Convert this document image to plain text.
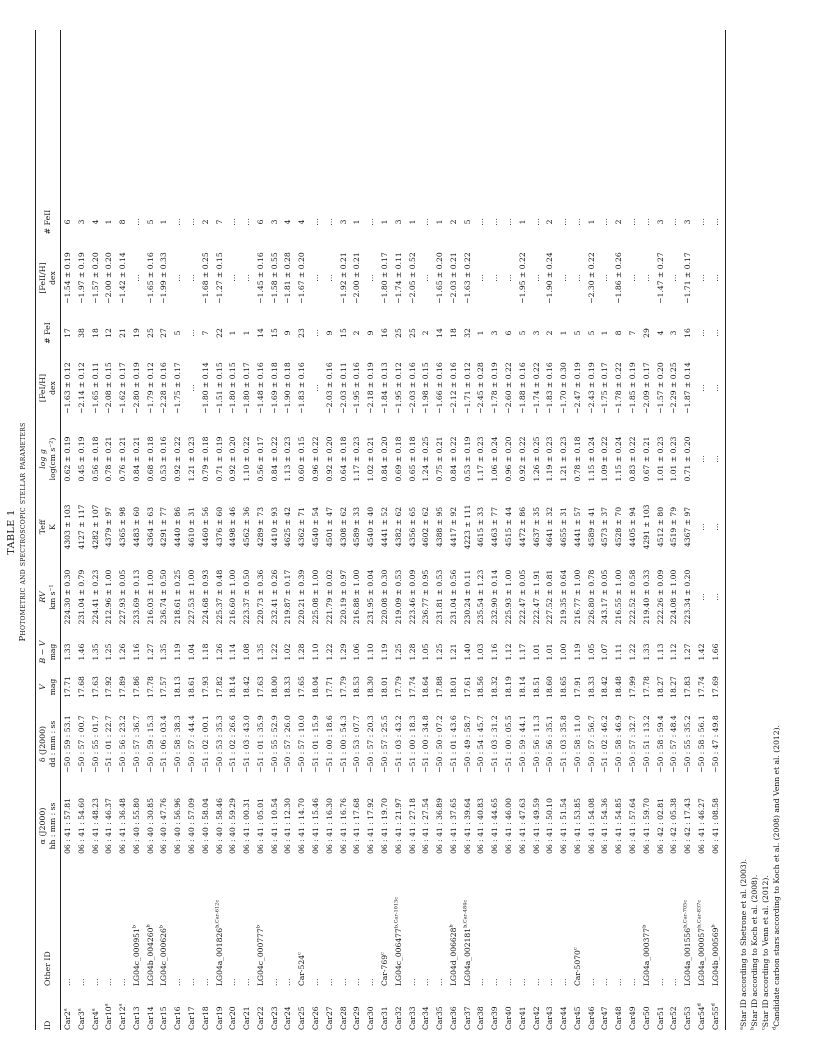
TABLE 1 Photometric and spectroscopic stellar parameters
ID
Other ID
α (J2000) hh : mm : ss
δ (J2000) dd : mm : ss
V mag
B − V mag
RV km s⁻¹
Teff K
log g log(cm s⁻²)
[FeI/H] dex
# FeI
[FeII/H] dex
# FeII
Car2$^a$
…
06 : 41 : 57.81
−50 : 59 : 53.1
17.71
1.33
224.30 ± 0.30
4303 ± 103
0.62 ± 0.19
−1.63 ± 0.12
17
−1.54 ± 0.19
6
Car3$^a$
…
06 : 41 : 54.60
−50 : 57 : 00.7
17.68
1.46
231.04 ± 0.79
4127 ± 117
0.45 ± 0.19
−2.14 ± 0.12
38
−1.97 ± 0.19
3
Car4$^a$
…
06 : 41 : 48.23
−50 : 55 : 01.7
17.63
1.35
224.41 ± 0.23
4282 ± 107
0.56 ± 0.18
−1.65 ± 0.11
18
−1.57 ± 0.20
4
Car10$^a$
…
06 : 41 : 46.37
−51 : 01 : 22.7
17.92
1.25
212.96 ± 1.00
4379 ± 97
0.78 ± 0.21
−2.08 ± 0.15
12
−2.00 ± 0.20
1
Car12$^a$
…
06 : 41 : 36.48
−50 : 56 : 23.2
17.89
1.26
227.93 ± 0.05
4365 ± 98
0.76 ± 0.21
−1.62 ± 0.17
21
−1.42 ± 0.14
8
Car13
LG04c_000951$^b$
06 : 40 : 55.80
−50 : 57 : 36.7
17.86
1.16
233.69 ± 0.13
4483 ± 60
0.84 ± 0.21
−2.80 ± 0.19
19
…
…
Car14
LG04b_004260$^b$
06 : 40 : 30.85
−50 : 59 : 15.3
17.78
1.27
216.03 ± 1.00
4364 ± 63
0.68 ± 0.18
−1.79 ± 0.12
25
−1.65 ± 0.16
5
Car15
LG04c_000626$^b$
06 : 40 : 47.76
−51 : 06 : 03.4
17.57
1.35
236.74 ± 0.50
4291 ± 77
0.53 ± 0.16
−2.28 ± 0.16
27
−1.99 ± 0.33
1
Car16
…
06 : 40 : 56.96
−50 : 58 : 38.3
18.13
1.19
218.61 ± 0.25
4440 ± 86
0.92 ± 0.22
−1.75 ± 0.17
5
…
…
Car17
…
06 : 40 : 57.09
−50 : 57 : 44.4
18.61
1.04
227.53 ± 1.00
4610 ± 31
1.21 ± 0.23
…
…
…
…
Car18
…
06 : 40 : 58.04
−51 : 02 : 00.1
17.93
1.18
224.68 ± 0.93
4460 ± 56
0.79 ± 0.18
−1.80 ± 0.14
7
−1.68 ± 0.25
2
Car19
$LG04a\_001826^{b,Car-612c}$
06 : 40 : 58.46
−50 : 53 : 35.3
17.82
1.26
225.37 ± 0.48
4376 ± 60
0.71 ± 0.19
−1.51 ± 0.15
22
−1.27 ± 0.15
7
Car20
…
06 : 40 : 59.29
−51 : 02 : 26.6
18.14
1.14
216.60 ± 1.00
4498 ± 46
0.92 ± 0.20
−1.80 ± 0.15
1
…
…
Car21
…
06 : 41 : 00.31
−51 : 03 : 43.0
18.42
1.08
223.37 ± 0.50
4562 ± 36
1.10 ± 0.22
−1.80 ± 0.17
1
…
…
Car22
LG04c_000777$^b$
06 : 41 : 05.01
−51 : 01 : 35.9
17.63
1.35
220.73 ± 0.36
4289 ± 73
0.56 ± 0.17
−1.48 ± 0.16
14
−1.45 ± 0.16
6
Car23
…
06 : 41 : 10.54
−50 : 55 : 52.9
18.00
1.22
232.41 ± 0.26
4410 ± 93
0.84 ± 0.22
−1.69 ± 0.18
15
−1.58 ± 0.55
3
Car24
…
06 : 41 : 12.30
−50 : 57 : 26.0
18.33
1.02
219.87 ± 0.17
4625 ± 42
1.13 ± 0.23
−1.90 ± 0.18
9
−1.81 ± 0.28
4
Car25
Car-524$^c$
06 : 41 : 14.70
−50 : 57 : 10.0
17.65
1.28
220.21 ± 0.39
4362 ± 71
0.60 ± 0.15
−1.83 ± 0.16
23
−1.67 ± 0.20
4
Car26
…
06 : 41 : 15.46
−51 : 01 : 15.9
18.04
1.10
225.08 ± 1.00
4540 ± 54
0.96 ± 0.22
…
…
…
…
Car27
…
06 : 41 : 16.30
−51 : 00 : 18.6
17.71
1.22
221.79 ± 0.02
4501 ± 47
0.92 ± 0.20
−2.03 ± 0.16
9
…
…
Car28
…
06 : 41 : 16.76
−51 : 00 : 54.3
17.79
1.29
220.19 ± 0.97
4308 ± 62
0.64 ± 0.18
−2.03 ± 0.11
15
−1.92 ± 0.21
3
Car29
…
06 : 41 : 17.68
−50 : 53 : 07.7
18.53
1.06
216.88 ± 1.00
4589 ± 33
1.17 ± 0.23
−1.95 ± 0.16
2
−2.00 ± 0.21
1
Car30
…
06 : 41 : 17.92
−50 : 57 : 20.3
18.30
1.10
231.95 ± 0.04
4540 ± 40
1.02 ± 0.21
−2.18 ± 0.19
9
…
…
Car31
Car-769$^c$
06 : 41 : 19.70
−50 : 57 : 25.5
18.01
1.19
220.08 ± 0.30
4441 ± 52
0.84 ± 0.20
−1.84 ± 0.13
16
−1.80 ± 0.17
1
Car32
$LG04c\_006477^{b,Car-1013c}$
06 : 41 : 21.97
−51 : 03 : 43.2
17.79
1.25
219.09 ± 0.53
4382 ± 62
0.69 ± 0.18
−1.95 ± 0.12
25
−1.74 ± 0.11
3
Car33
…
06 : 41 : 27.18
−51 : 00 : 18.3
17.74
1.28
223.46 ± 0.09
4356 ± 65
0.65 ± 0.18
−2.03 ± 0.16
25
−2.05 ± 0.52
1
Car34
…
06 : 41 : 27.54
−51 : 00 : 34.8
18.64
1.05
236.77 ± 0.95
4602 ± 62
1.24 ± 0.25
−1.98 ± 0.15
2
…
…
Car35
…
06 : 41 : 36.89
−50 : 50 : 07.2
17.88
1.25
231.81 ± 0.53
4388 ± 95
0.75 ± 0.21
−1.66 ± 0.16
14
−1.65 ± 0.20
1
Car36
LG04d_006628$^b$
06 : 41 : 37.65
−51 : 01 : 43.6
18.01
1.21
231.04 ± 0.56
4417 ± 92
0.84 ± 0.22
−2.12 ± 0.16
18
−2.03 ± 0.21
2
Car37
$LG04a\_002181^{b,Car-484c}$
06 : 41 : 39.64
−50 : 49 : 58.7
17.61
1.40
230.24 ± 0.11
4223 ± 111
0.53 ± 0.19
−1.71 ± 0.12
32
−1.63 ± 0.22
5
Car38
…
06 : 41 : 40.83
−50 : 54 : 45.7
18.56
1.03
235.54 ± 1.23
4615 ± 33
1.17 ± 0.23
−2.45 ± 0.28
1
…
…
Car39
…
06 : 41 : 44.65
−51 : 03 : 31.2
18.32
1.16
232.90 ± 0.14
4463 ± 77
1.06 ± 0.24
−1.78 ± 0.19
3
…
…
Car40
…
06 : 41 : 46.00
−51 : 00 : 05.5
18.19
1.12
225.93 ± 1.00
4515 ± 44
0.96 ± 0.20
−2.60 ± 0.22
6
…
…
Car41
…
06 : 41 : 47.63
−50 : 59 : 44.1
18.14
1.17
222.47 ± 0.05
4472 ± 86
0.92 ± 0.22
−1.88 ± 0.16
5
−1.95 ± 0.22
1
Car42
…
06 : 41 : 49.59
−50 : 56 : 11.3
18.51
1.01
222.47 ± 1.91
4637 ± 35
1.26 ± 0.25
−1.74 ± 0.22
3
…
…
Car43
…
06 : 41 : 50.10
−50 : 56 : 35.1
18.60
1.01
227.52 ± 0.81
4641 ± 32
1.19 ± 0.23
−1.83 ± 0.16
2
−1.90 ± 0.24
2
Car44
…
06 : 41 : 51.54
−51 : 03 : 35.8
18.65
1.00
219.35 ± 0.64
4655 ± 31
1.21 ± 0.23
−1.70 ± 0.30
1
…
…
Car45
Car-5070$^c$
06 : 41 : 53.85
−50 : 58 : 11.0
17.91
1.19
216.77 ± 1.00
4441 ± 57
0.78 ± 0.18
−2.47 ± 0.19
5
…
…
Car46
…
06 : 41 : 54.08
−50 : 57 : 56.7
18.33
1.05
226.80 ± 0.78
4589 ± 41
1.15 ± 0.24
−2.43 ± 0.19
5
−2.30 ± 0.22
1
Car47
…
06 : 41 : 54.36
−51 : 02 : 46.2
18.42
1.07
243.17 ± 0.05
4573 ± 37
1.09 ± 0.22
−1.75 ± 0.17
1
…
…
Car48
…
06 : 41 : 54.85
−50 : 58 : 46.9
18.48
1.11
216.55 ± 1.00
4528 ± 70
1.15 ± 0.24
−1.78 ± 0.22
8
−1.86 ± 0.26
2
Car49
…
06 : 41 : 57.64
−50 : 57 : 32.7
17.99
1.22
222.52 ± 0.58
4405 ± 94
0.83 ± 0.22
−1.85 ± 0.19
7
…
…
Car50
LG04a_000377$^b$
06 : 41 : 59.70
−50 : 51 : 13.2
17.78
1.33
219.40 ± 0.33
4291 ± 103
0.67 ± 0.21
−2.09 ± 0.17
29
…
…
Car51
…
06 : 42 : 02.81
−50 : 58 : 59.4
18.27
1.13
222.26 ± 0.09
4512 ± 80
1.01 ± 0.23
−1.57 ± 0.20
4
−1.47 ± 0.27
3
Car52
…
06 : 42 : 05.38
−50 : 57 : 48.4
18.27
1.12
224.08 ± 1.00
4519 ± 79
1.01 ± 0.23
−2.29 ± 0.25
3
…
…
Car53
$LG04a\_001556^{b,Car-705c}$
06 : 42 : 17.43
−50 : 55 : 35.2
17.83
1.27
223.34 ± 0.20
4367 ± 97
0.71 ± 0.20
−1.87 ± 0.14
16
−1.71 ± 0.17
3
Car54$^d$
$LG04a\_000057^{b,Car-837c}$
06 : 41 : 46.27
−50 : 58 : 56.1
17.74
1.42
…
…
…
…
…
…
…
Car55$^d$
LG04b_000569$^b$
06 : 41 : 08.58
−50 : 47 : 49.8
17.69
1.66
…
…
…
…
…
…
…
$^a$Star ID according to Shetrone et al. (2003).
$^b$Star ID according to Koch et al. (2008).
$^c$Star ID according to Venn et al. (2012).
$^d$Candidate carbon stars according to Koch et al. (2008) and Venn et al. (2012).
